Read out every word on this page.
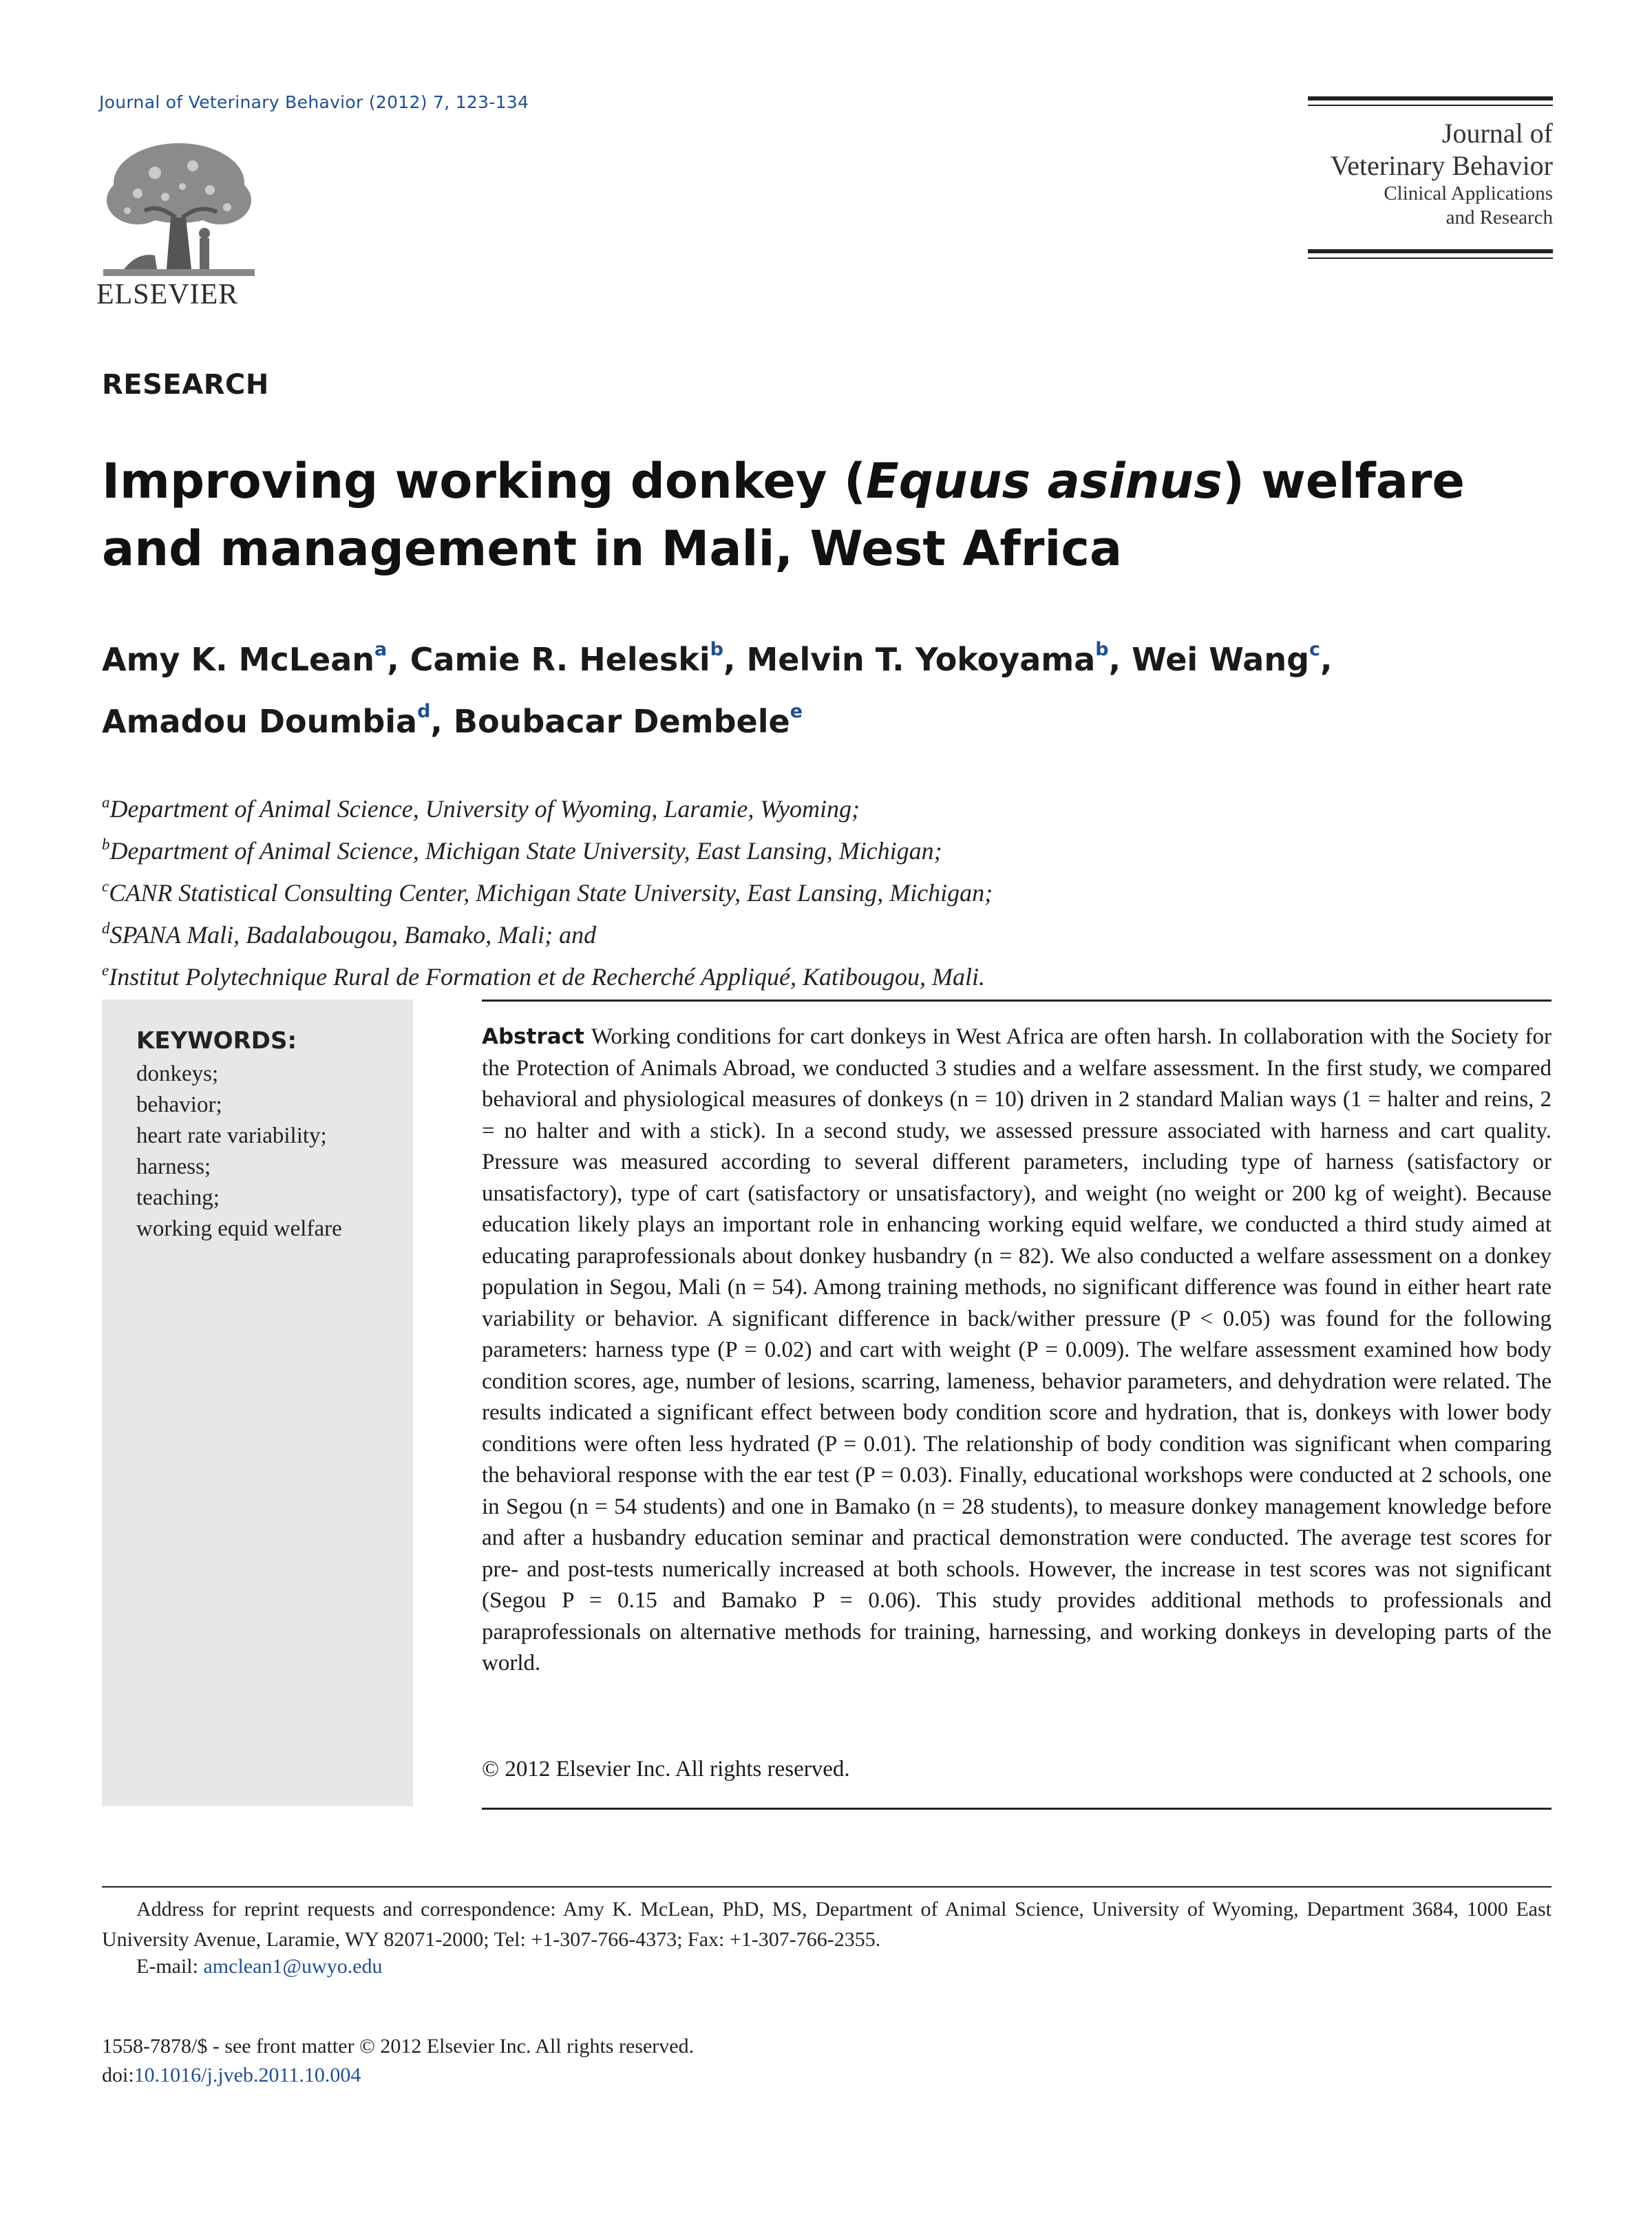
Journal of Veterinary Behavior (2012) 7, 123-134
ELSEVIER
Journal of
Veterinary Behavior
Clinical Applications
and Research
RESEARCH
Improving working donkey (Equus asinus) welfare
and management in Mali, West Africa
Amy K. McLean$^a$, Camie R. Heleski$^b$, Melvin T. Yokoyama$^b$, Wei Wang$^c$,
Amadou Doumbia$^d$, Boubacar Dembele$^e$
$^a$Department of Animal Science, University of Wyoming, Laramie, Wyoming;
$^b$Department of Animal Science, Michigan State University, East Lansing, Michigan;
$^c$CANR Statistical Consulting Center, Michigan State University, East Lansing, Michigan;
$^d$SPANA Mali, Badalabougou, Bamako, Mali; and
$^e$Institut Polytechnique Rural de Formation et de Recherché Appliqué, Katibougou, Mali.
KEYWORDS:
donkeys;
behavior;
heart rate variability;
harness;
teaching;
working equid welfare

Abstract Working conditions for cart donkeys in West Africa are often harsh. In collaboration with the Society for the Protection of Animals Abroad, we conducted 3 studies and a welfare assessment. In the first study, we compared behavioral and physiological measures of donkeys (n = 10) driven in 2 standard Malian ways (1 = halter and reins, 2 = no halter and with a stick). In a second study, we assessed pressure associated with harness and cart quality. Pressure was measured according to several different parameters, including type of harness (satisfactory or unsatisfactory), type of cart (satisfactory or unsatisfactory), and weight (no weight or 200 kg of weight). Because education likely plays an important role in enhancing working equid welfare, we conducted a third study aimed at educating paraprofessionals about donkey husbandry (n = 82). We also conducted a welfare assessment on a donkey population in Segou, Mali (n = 54). Among training methods, no significant difference was found in either heart rate variability or behavior. A significant difference in back/wither pressure (P < 0.05) was found for the following parameters: harness type (P = 0.02) and cart with weight (P = 0.009). The welfare assessment examined how body condition scores, age, number of lesions, scarring, lameness, behavior parameters, and dehydration were related. The results indicated a significant effect between body condition score and hydration, that is, donkeys with lower body conditions were often less hydrated (P = 0.01). The relationship of body condition was significant when comparing the behavioral response with the ear test (P = 0.03). Finally, educational workshops were conducted at 2 schools, one in Segou (n = 54 students) and one in Bamako (n = 28 students), to measure donkey management knowledge before and after a husbandry education seminar and practical demonstration were conducted. The average test scores for pre- and post-tests numerically increased at both schools. However, the increase in test scores was not significant (Segou P = 0.15 and Bamako P = 0.06). This study provides additional methods to professionals and paraprofessionals on alternative methods for training, harnessing, and working donkeys in developing parts of the world.

© 2012 Elsevier Inc. All rights reserved.
Address for reprint requests and correspondence: Amy K. McLean, PhD, MS, Department of Animal Science, University of Wyoming, Department 3684, 1000 East University Avenue, Laramie, WY 82071-2000; Tel: +1-307-766-4373; Fax: +1-307-766-2355.
E-mail: amclean1@uwyo.edu
1558-7878/$ - see front matter © 2012 Elsevier Inc. All rights reserved.
doi:10.1016/j.jveb.2011.10.004
